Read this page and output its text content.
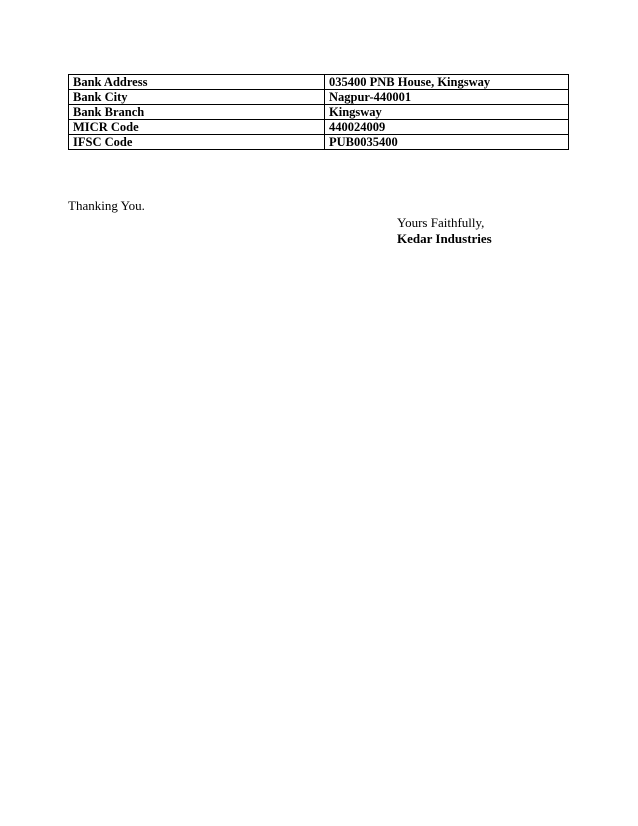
Bank Address	035400 PNB House, Kingsway
Bank City	Nagpur-440001
Bank Branch	Kingsway
MICR Code	440024009
IFSC Code	PUB0035400
Thanking You.
Yours Faithfully,
Kedar Industries
